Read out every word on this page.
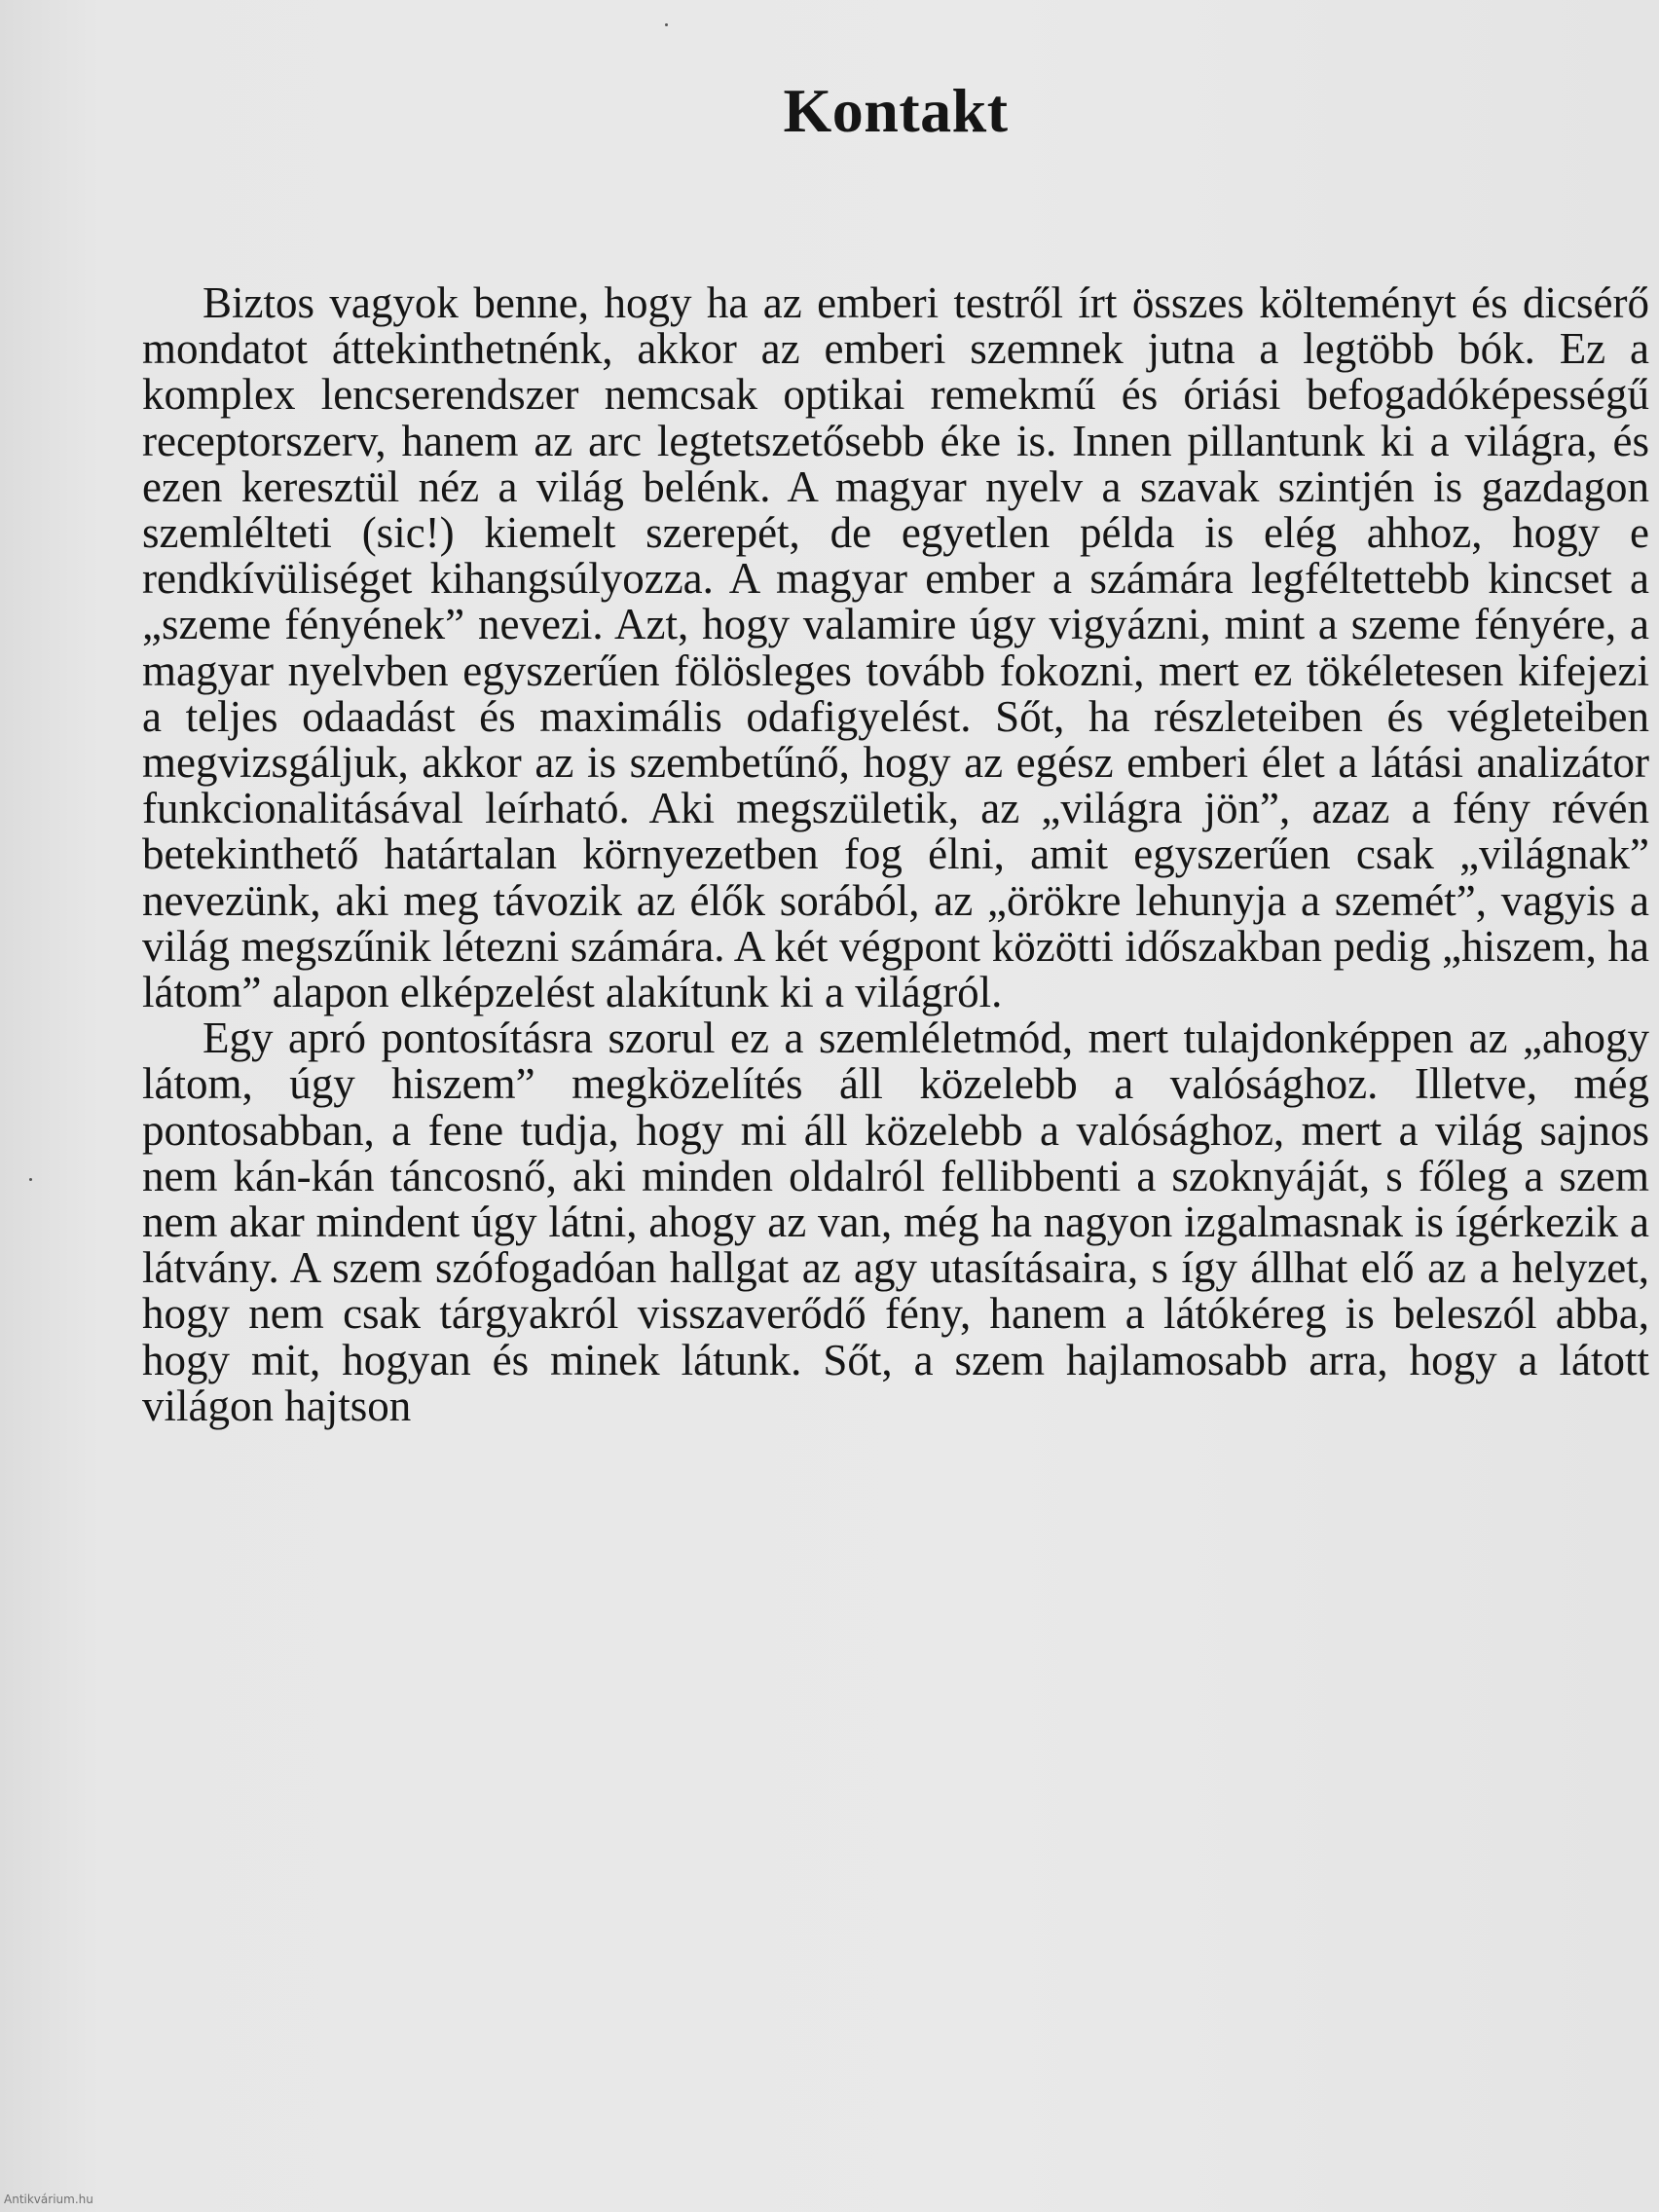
Kontakt

Biztos vagyok benne, hogy ha az emberi testről írt összes költeményt és dicsérő mondatot áttekinthetnénk, akkor az emberi szemnek jutna a legtöbb bók. Ez a komplex lencserendszer nemcsak optikai remekmű és óriási befogadóképességű receptorszerv, hanem az arc legtetszetősebb éke is. Innen pillantunk ki a világra, és ezen keresztül néz a világ belénk. A magyar nyelv a szavak szintjén is gazdagon szemlélteti (sic!) kiemelt szerepét, de egyetlen példa is elég ahhoz, hogy e rendkívüliséget kihangsúlyozza. A magyar ember a számára legféltettebb kincset a „szeme fényének” nevezi. Azt, hogy valamire úgy vigyázni, mint a szeme fényére, a magyar nyelvben egyszerűen fölösleges tovább fokozni, mert ez tökéletesen kifejezi a teljes odaadást és maximális odafigyelést. Sőt, ha részleteiben és végleteiben megvizsgáljuk, akkor az is szembetűnő, hogy az egész emberi élet a látási analizátor funkcionalitásával leírható. Aki megszületik, az „világra jön”, azaz a fény révén betekinthető határtalan környezetben fog élni, amit egyszerűen csak „világnak” nevezünk, aki meg távozik az élők sorából, az „örökre lehunyja a szemét”, vagyis a világ megszűnik létezni számára. A két végpont közötti időszakban pedig „hiszem, ha látom” alapon elképzelést alakítunk ki a világról.

Egy apró pontosításra szorul ez a szemléletmód, mert tulajdonképpen az „ahogy látom, úgy hiszem” megközelítés áll közelebb a valósághoz. Illetve, még pontosabban, a fene tudja, hogy mi áll közelebb a valósághoz, mert a világ sajnos nem kán-kán táncosnő, aki minden oldalról fellibbenti a szoknyáját, s főleg a szem nem akar mindent úgy látni, ahogy az van, még ha nagyon izgalmasnak is ígérkezik a látvány. A szem szófogadóan hallgat az agy utasításaira, s így állhat elő az a helyzet, hogy nem csak tárgyakról visszaverődő fény, hanem a látókéreg is beleszól abba, hogy mit, hogyan és minek látunk. Sőt, a szem hajlamosabb arra, hogy a látott világon hajtson

Antikvárium.hu
